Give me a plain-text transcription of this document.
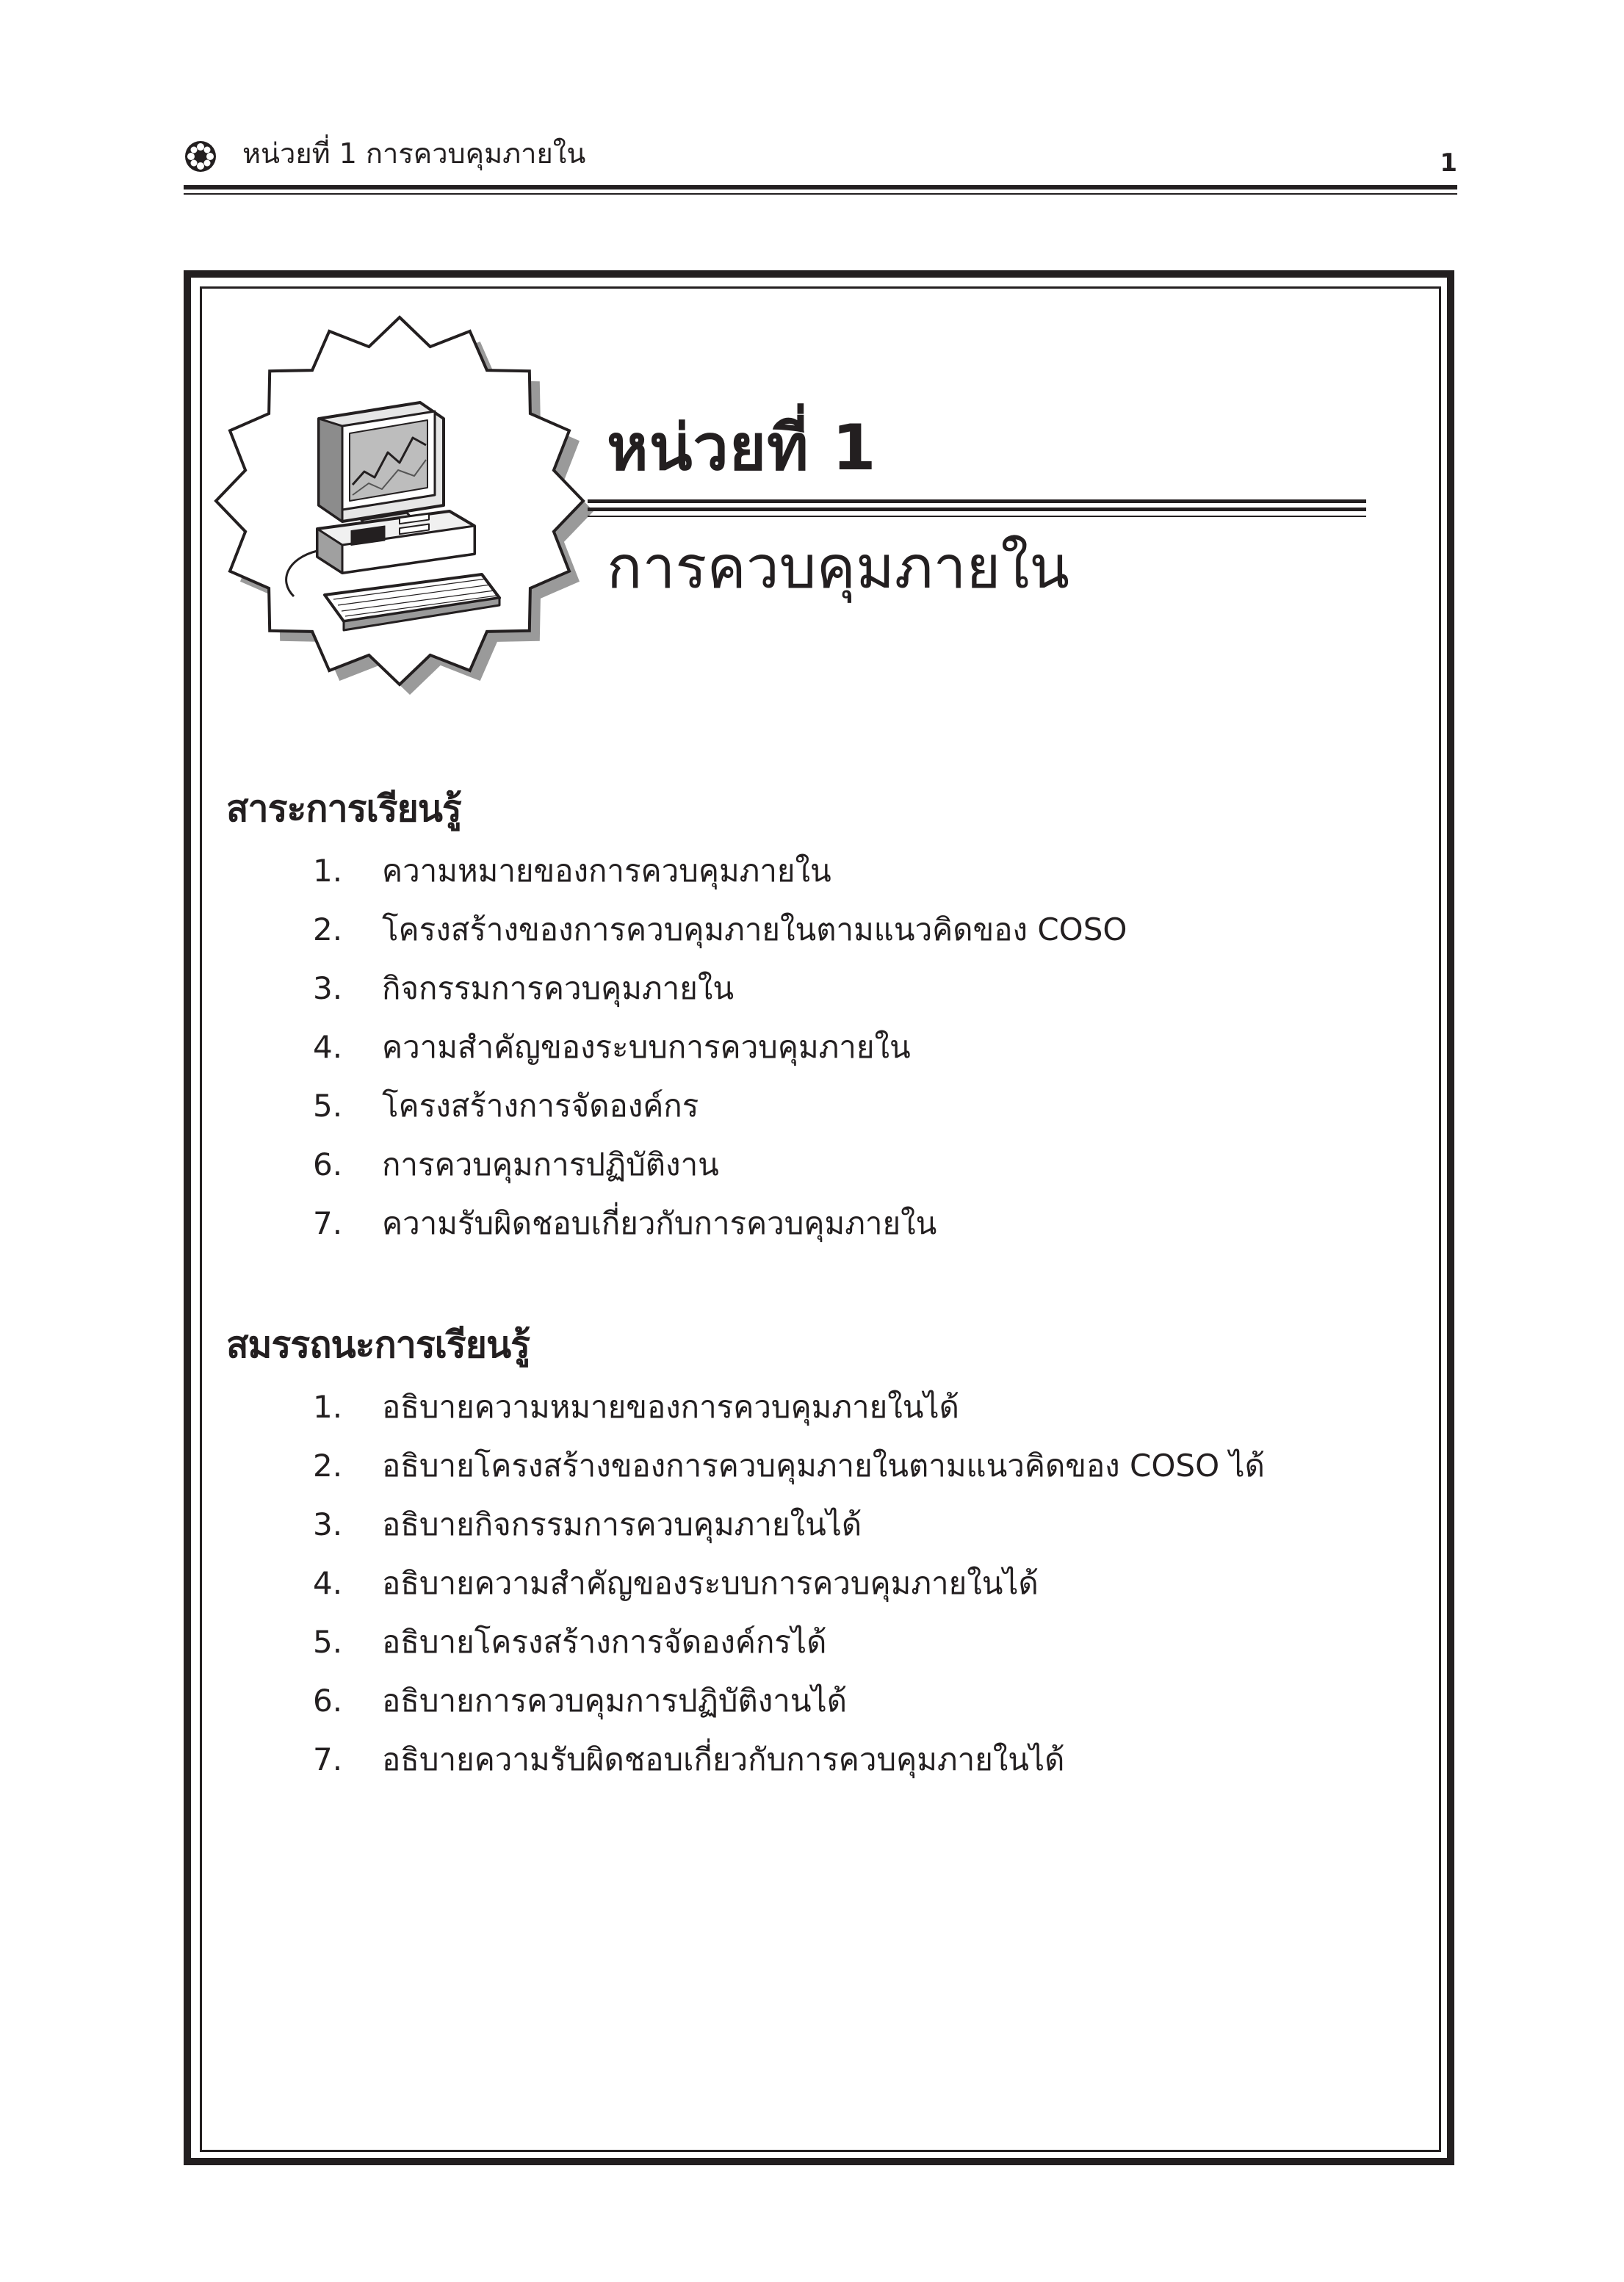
หน่วยที่ 1 การควบคุมภายใน	1
หน่วยที่ 1
การควบคุมภายใน
สาระการเรียนรู้
1.	ความหมายของการควบคุมภายใน
2.	โครงสร้างของการควบคุมภายในตามแนวคิดของ COSO
3.	กิจกรรมการควบคุมภายใน
4.	ความสำคัญของระบบการควบคุมภายใน
5.	โครงสร้างการจัดองค์กร
6.	การควบคุมการปฏิบัติงาน
7.	ความรับผิดชอบเกี่ยวกับการควบคุมภายใน
สมรรถนะการเรียนรู้
1.	อธิบายความหมายของการควบคุมภายในได้
2.	อธิบายโครงสร้างของการควบคุมภายในตามแนวคิดของ COSO ได้
3.	อธิบายกิจกรรมการควบคุมภายในได้
4.	อธิบายความสำคัญของระบบการควบคุมภายในได้
5.	อธิบายโครงสร้างการจัดองค์กรได้
6.	อธิบายการควบคุมการปฏิบัติงานได้
7.	อธิบายความรับผิดชอบเกี่ยวกับการควบคุมภายในได้
